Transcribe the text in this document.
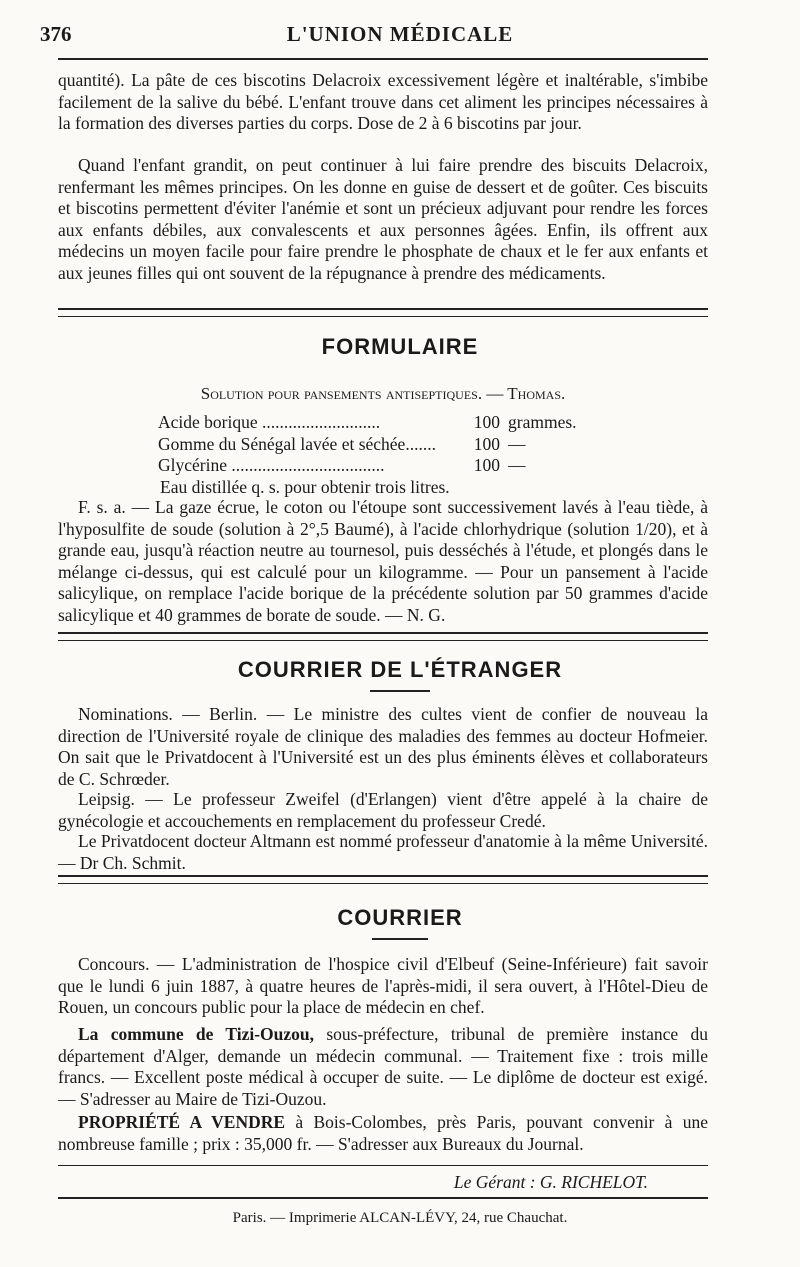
376	L'UNION MÉDICALE
quantité). La pâte de ces biscotins Delacroix excessivement légère et inaltérable, s'imbibe facilement de la salive du bébé. L'enfant trouve dans cet aliment les principes nécessaires à la formation des diverses parties du corps. Dose de 2 à 6 biscotins par jour.
Quand l'enfant grandit, on peut continuer à lui faire prendre des biscuits Delacroix, renfermant les mêmes principes. On les donne en guise de dessert et de goûter. Ces biscuits et biscotins permettent d'éviter l'anémie et sont un précieux adjuvant pour rendre les forces aux enfants débiles, aux convalescents et aux personnes âgées. Enfin, ils offrent aux médecins un moyen facile pour faire prendre le phosphate de chaux et le fer aux enfants et aux jeunes filles qui ont souvent de la répugnance à prendre des médicaments.
FORMULAIRE
Solution pour pansements antiseptiques. — Thomas.
Acide borique ...........................	100 grammes.
Gomme du Sénégal lavée et séchée.......	100 —
Glycérine ...................................	100 —
Eau distillée q. s. pour obtenir trois litres.
F. s. a. — La gaze écrue, le coton ou l'étoupe sont successivement lavés à l'eau tiède, à l'hyposulfite de soude (solution à 2°,5 Baumé), à l'acide chlorhydrique (solution 1/20), et à grande eau, jusqu'à réaction neutre au tournesol, puis desséchés à l'étude, et plongés dans le mélange ci-dessus, qui est calculé pour un kilogramme. — Pour un pansement à l'acide salicylique, on remplace l'acide borique de la précédente solution par 50 grammes d'acide salicylique et 40 grammes de borate de soude. — N. G.
COURRIER DE L'ÉTRANGER
Nominations. — Berlin. — Le ministre des cultes vient de confier de nouveau la direction de l'Université royale de clinique des maladies des femmes au docteur Hofmeier. On sait que le Privatdocent à l'Université est un des plus éminents élèves et collaborateurs de C. Schrœder.
Leipsig. — Le professeur Zweifel (d'Erlangen) vient d'être appelé à la chaire de gynécologie et accouchements en remplacement du professeur Credé.
Le Privatdocent docteur Altmann est nommé professeur d'anatomie à la même Université. — Dr Ch. Schmit.
COURRIER
Concours. — L'administration de l'hospice civil d'Elbeuf (Seine-Inférieure) fait savoir que le lundi 6 juin 1887, à quatre heures de l'après-midi, il sera ouvert, à l'Hôtel-Dieu de Rouen, un concours public pour la place de médecin en chef.
La commune de Tizi-Ouzou, sous-préfecture, tribunal de première instance du département d'Alger, demande un médecin communal. — Traitement fixe : trois mille francs. — Excellent poste médical à occuper de suite. — Le diplôme de docteur est exigé. — S'adresser au Maire de Tizi-Ouzou.
PROPRIÉTÉ A VENDRE à Bois-Colombes, près Paris, pouvant convenir à une nombreuse famille ; prix : 35,000 fr. — S'adresser aux Bureaux du Journal.
Le Gérant : G. RICHELOT.
Paris. — Imprimerie ALCAN-LÉVY, 24, rue Chauchat.
